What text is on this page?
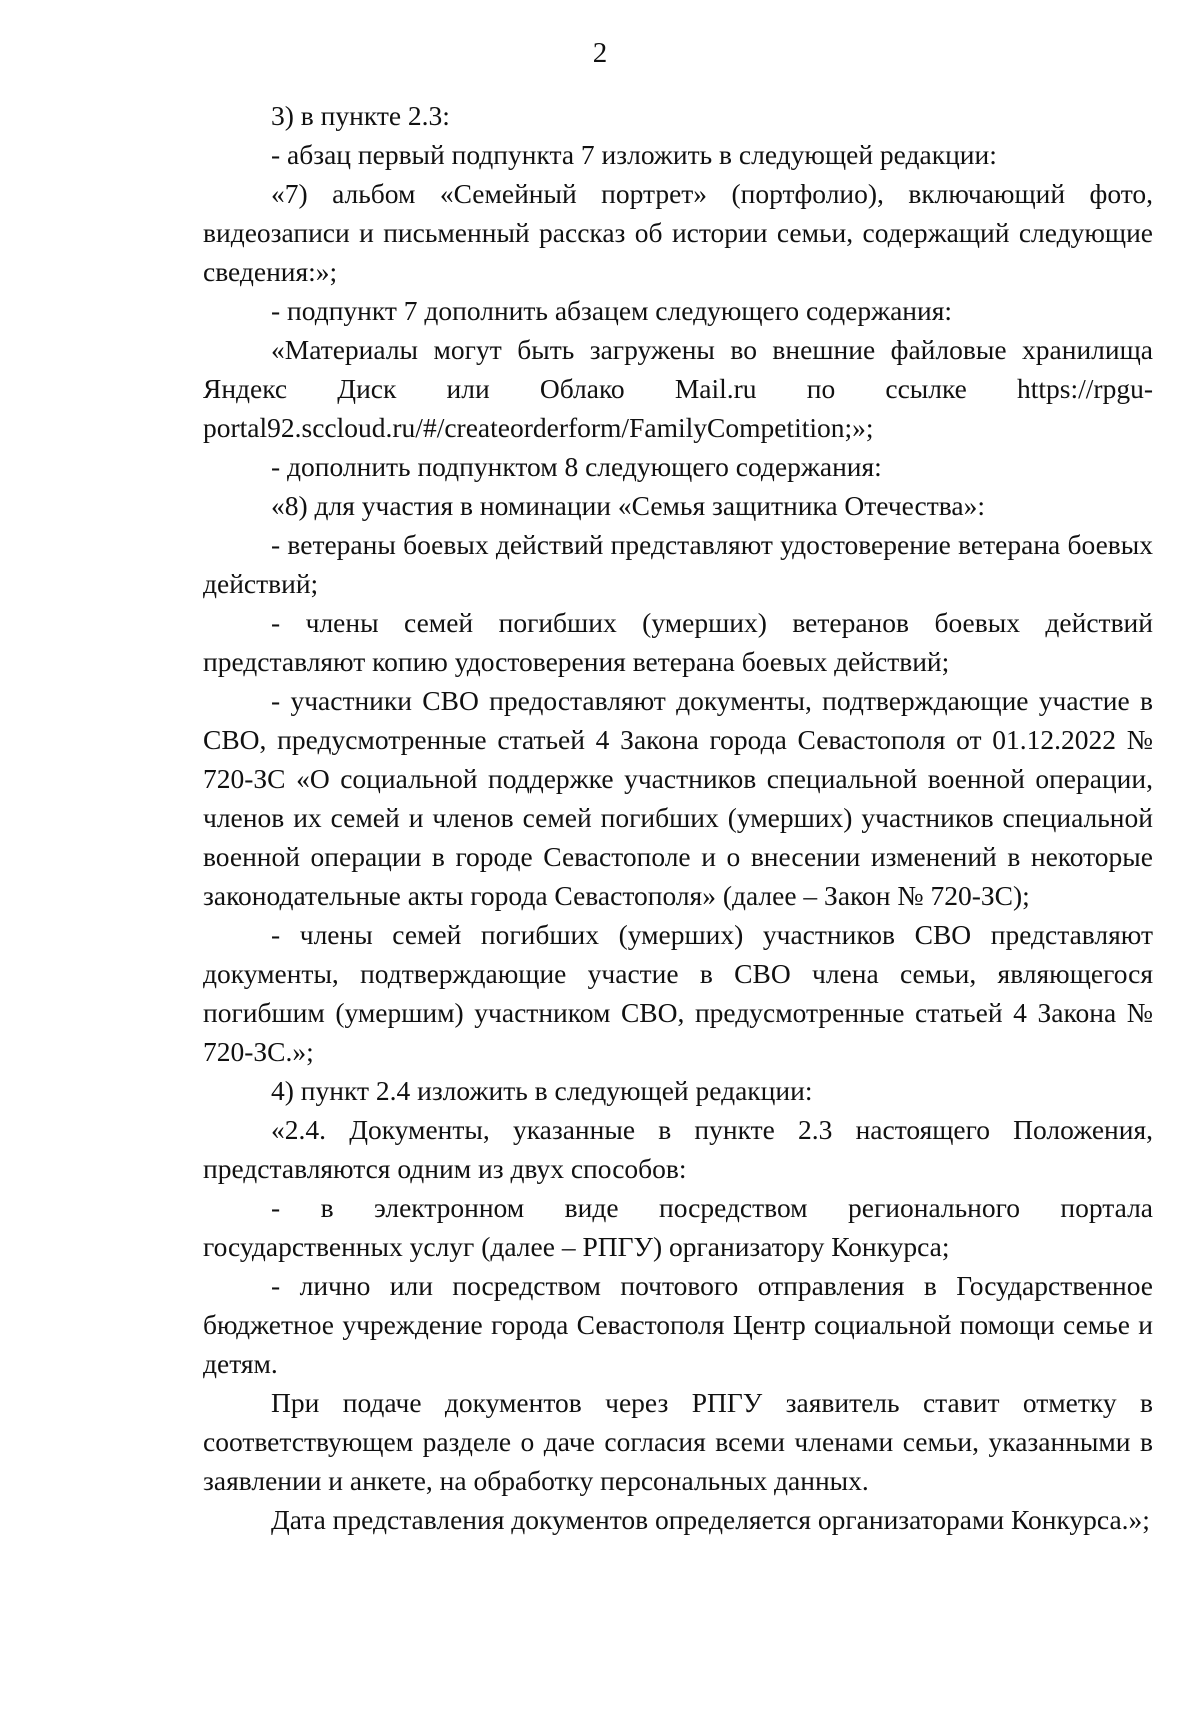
2

3) в пункте 2.3:

- абзац первый подпункта 7 изложить в следующей редакции:

«7) альбом «Семейный портрет» (портфолио), включающий фото, видеозаписи и письменный рассказ об истории семьи, содержащий следующие сведения:»;

- подпункт 7 дополнить абзацем следующего содержания:

«Материалы могут быть загружены во внешние файловые хранилища Яндекс Диск или Облако Mail.ru по ссылке https://rpgu-portal92.sccloud.ru/#/createorderform/FamilyCompetition;»;

- дополнить подпунктом 8 следующего содержания:

«8) для участия в номинации «Семья защитника Отечества»:

- ветераны боевых действий представляют удостоверение ветерана боевых действий;

- члены семей погибших (умерших) ветеранов боевых действий представляют копию удостоверения ветерана боевых действий;

- участники СВО предоставляют документы, подтверждающие участие в СВО, предусмотренные статьей 4 Закона города Севастополя от 01.12.2022 № 720-ЗС «О социальной поддержке участников специальной военной операции, членов их семей и членов семей погибших (умерших) участников специальной военной операции в городе Севастополе и о внесении изменений в некоторые законодательные акты города Севастополя» (далее – Закон № 720-ЗС);

- члены семей погибших (умерших) участников СВО представляют документы, подтверждающие участие в СВО члена семьи, являющегося погибшим (умершим) участником СВО, предусмотренные статьей 4 Закона № 720-ЗС.»;

4) пункт 2.4 изложить в следующей редакции:

«2.4. Документы, указанные в пункте 2.3 настоящего Положения, представляются одним из двух способов:

- в электронном виде посредством регионального портала государственных услуг (далее – РПГУ) организатору Конкурса;

- лично или посредством почтового отправления в Государственное бюджетное учреждение города Севастополя Центр социальной помощи семье и детям.

При подаче документов через РПГУ заявитель ставит отметку в соответствующем разделе о даче согласия всеми членами семьи, указанными в заявлении и анкете, на обработку персональных данных.

Дата представления документов определяется организаторами Конкурса.»;
